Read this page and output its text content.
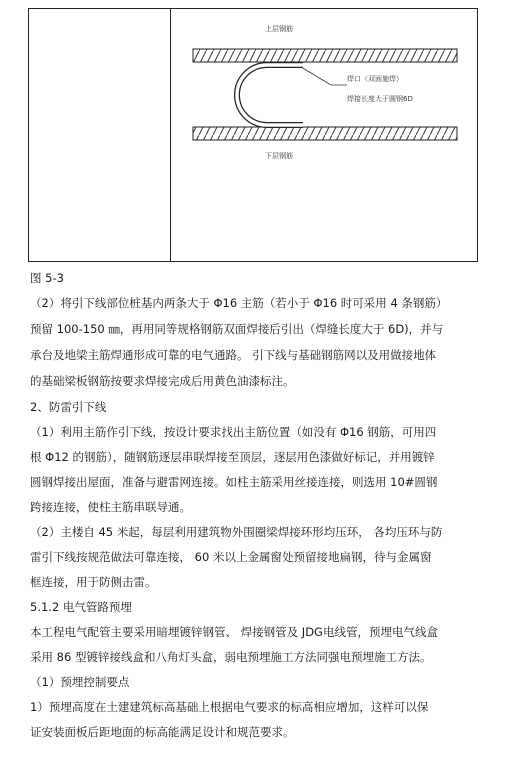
上层钢筋
下层钢筋
焊口（双面施焊）
焊接长度大于圆钢6D
图 5-3
（2）将引下线部位桩基内两条大于 Φ16 主筋（若小于 Φ16 时可采用 4 条钢筋）
预留 100-150 ㎜，再用同等规格钢筋双面焊接后引出（焊缝长度大于 6D)，并与
承台及地梁主筋焊通形成可靠的电气通路。 引下线与基础钢筋网以及用做接地体
的基础梁板钢筋按要求焊接完成后用黄色油漆标注。
2、防雷引下线
（1）利用主筋作引下线，按设计要求找出主筋位置（如没有 Φ16 钢筋，可用四
根 Φ12 的钢筋），随钢筋逐层串联焊接至顶层，逐层用色漆做好标记，并用镀锌
圆钢焊接出屋面，准备与避雷网连接。如柱主筋采用丝接连接，则选用 10#圆钢
跨接连接，使柱主筋串联导通。
（2）主楼自 45 米起，每层利用建筑物外围圈梁焊接环形均压环， 各均压环与防
雷引下线按规范做法可靠连接， 60 米以上金属窗处预留接地扁钢，待与金属窗
框连接，用于防侧击雷。
5.1.2 电气管路预埋
本工程电气配管主要采用暗埋镀锌钢管、 焊接钢管及 JDG电线管，预埋电气线盒
采用 86 型镀锌接线盒和八角灯头盒，弱电预埋施工方法同强电预埋施工方法。
（1）预埋控制要点
1）预埋高度在土建建筑标高基础上根据电气要求的标高相应增加，这样可以保
证安装面板后距地面的标高能满足设计和规范要求。
